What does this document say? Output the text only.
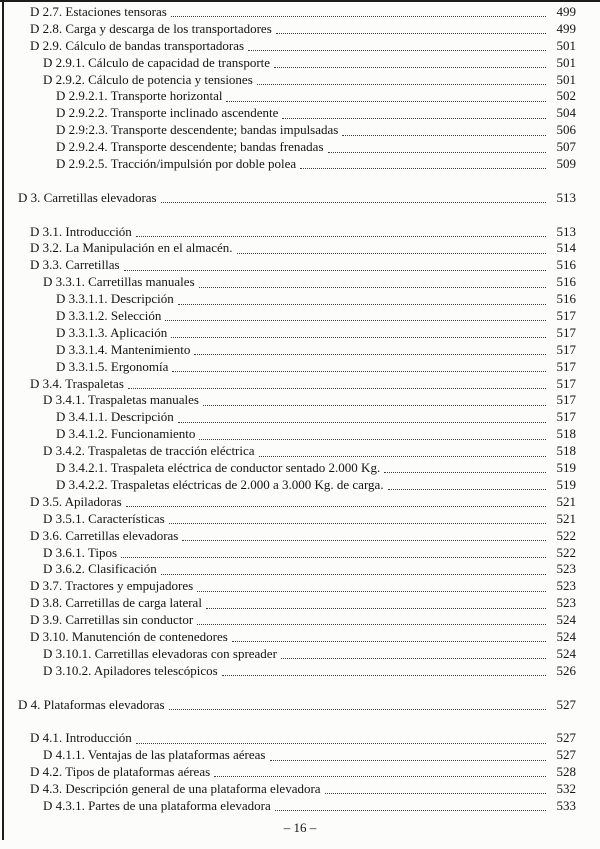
D 2.7. Estaciones tensoras	499
D 2.8. Carga y descarga de los transportadores	499
D 2.9. Cálculo de bandas transportadoras	501
D 2.9.1. Cálculo de capacidad de transporte	501
D 2.9.2. Cálculo de potencia y tensiones	501
D 2.9.2.1. Transporte horizontal	502
D 2.9.2.2. Transporte inclinado ascendente	504
D 2.9:2.3. Transporte descendente; bandas impulsadas	506
D 2.9.2.4. Transporte descendente; bandas frenadas	507
D 2.9.2.5. Tracción/impulsión por doble polea	509
D 3. Carretillas elevadoras	513
D 3.1. Introducción	513
D 3.2. La Manipulación en el almacén.	514
D 3.3. Carretillas	516
D 3.3.1. Carretillas manuales	516
D 3.3.1.1. Descripción	516
D 3.3.1.2. Selección	517
D 3.3.1.3. Aplicación	517
D 3.3.1.4. Mantenimiento	517
D 3.3.1.5. Ergonomía	517
D 3.4. Traspaletas	517
D 3.4.1. Traspaletas manuales	517
D 3.4.1.1. Descripción	517
D 3.4.1.2. Funcionamiento	518
D 3.4.2. Traspaletas de tracción eléctrica	518
D 3.4.2.1. Traspaleta eléctrica de conductor sentado 2.000 Kg.	519
D 3.4.2.2. Traspaletas eléctricas de 2.000 a 3.000 Kg. de carga.	519
D 3.5. Apiladoras	521
D 3.5.1. Características	521
D 3.6. Carretillas elevadoras	522
D 3.6.1. Tipos	522
D 3.6.2. Clasificación	523
D 3.7. Tractores y empujadores	523
D 3.8. Carretillas de carga lateral	523
D 3.9. Carretillas sin conductor	524
D 3.10. Manutención de contenedores	524
D 3.10.1. Carretillas elevadoras con spreader	524
D 3.10.2. Apiladores telescópicos	526
D 4. Plataformas elevadoras	527
D 4.1. Introducción	527
D 4.1.1. Ventajas de las plataformas aéreas	527
D 4.2. Tipos de plataformas aéreas	528
D 4.3. Descripción general de una plataforma elevadora	532
D 4.3.1. Partes de una plataforma elevadora	533
– 16 –
